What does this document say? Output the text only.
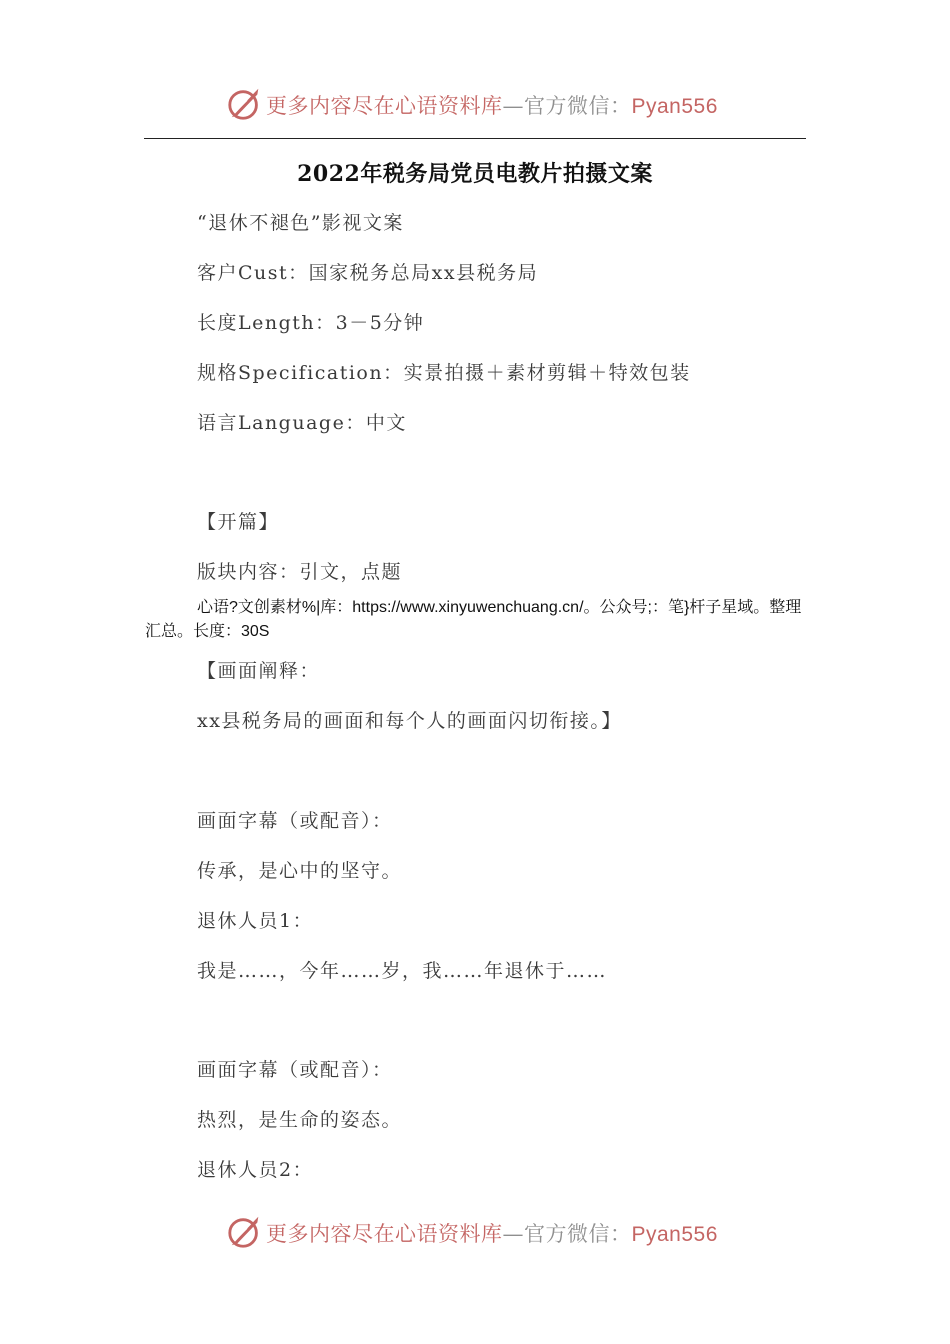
更多内容尽在心语资料库—官方微信：Pyan556
2022年税务局党员电教片拍摄文案
“退休不褪色”影视文案
客户Cust：国家税务总局xx县税务局
长度Length：3－5分钟
规格Specification：实景拍摄＋素材剪辑＋特效包装
语言Language：中文
【开篇】
版块内容：引文，点题
心语?文创素材%|库：https://www.xinyuwenchuang.cn/。公众号;：笔}杆子星域。整理汇总。长度：30S
【画面阐释：
xx县税务局的画面和每个人的画面闪切衔接。】
画面字幕（或配音）：
传承，是心中的坚守。
退休人员1：
我是……，今年……岁，我……年退休于……
画面字幕（或配音）：
热烈，是生命的姿态。
退休人员2：
更多内容尽在心语资料库—官方微信：Pyan556
